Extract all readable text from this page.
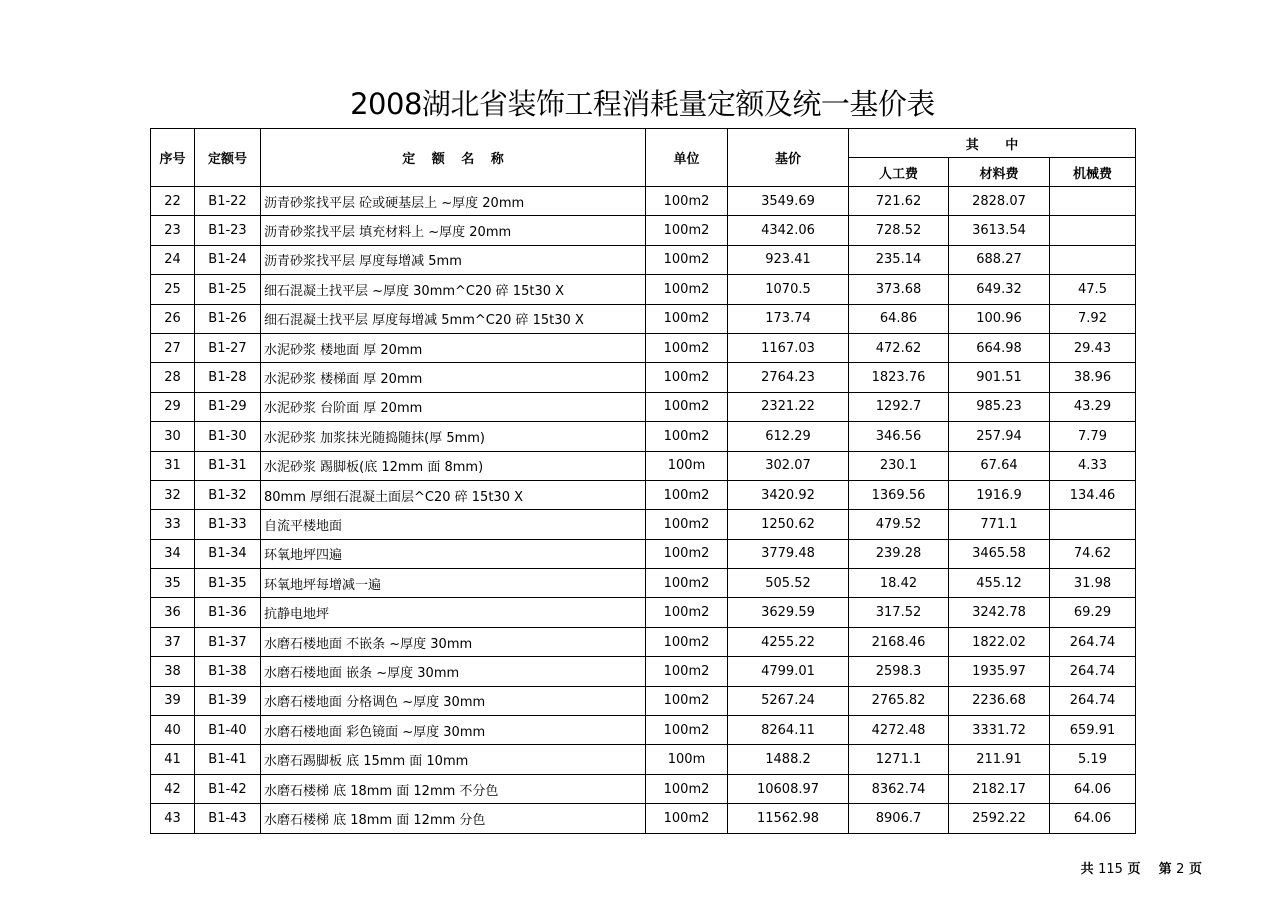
2008湖北省装饰工程消耗量定额及统一基价表
序号	定额号	定 额 名 称	单位	基价	其 中		
					人工费	材料费	机械费
22	B1-22	沥青砂浆找平层 砼或硬基层上 ~厚度 20mm	100m2	3549.69	721.62	2828.07	
23	B1-23	沥青砂浆找平层 填充材料上 ~厚度 20mm	100m2	4342.06	728.52	3613.54	
24	B1-24	沥青砂浆找平层 厚度每增减 5mm	100m2	923.41	235.14	688.27	
25	B1-25	细石混凝土找平层 ~厚度 30mm^C20 碎 15t30 X	100m2	1070.5	373.68	649.32	47.5
26	B1-26	细石混凝土找平层 厚度每增减 5mm^C20 碎 15t30 X	100m2	173.74	64.86	100.96	7.92
27	B1-27	水泥砂浆 楼地面 厚 20mm	100m2	1167.03	472.62	664.98	29.43
28	B1-28	水泥砂浆 楼梯面 厚 20mm	100m2	2764.23	1823.76	901.51	38.96
29	B1-29	水泥砂浆 台阶面 厚 20mm	100m2	2321.22	1292.7	985.23	43.29
30	B1-30	水泥砂浆 加浆抹光随捣随抹(厚 5mm)	100m2	612.29	346.56	257.94	7.79
31	B1-31	水泥砂浆 踢脚板(底 12mm 面 8mm)	100m	302.07	230.1	67.64	4.33
32	B1-32	80mm 厚细石混凝土面层^C20 碎 15t30 X	100m2	3420.92	1369.56	1916.9	134.46
33	B1-33	自流平楼地面	100m2	1250.62	479.52	771.1	
34	B1-34	环氧地坪四遍	100m2	3779.48	239.28	3465.58	74.62
35	B1-35	环氧地坪每增减一遍	100m2	505.52	18.42	455.12	31.98
36	B1-36	抗静电地坪	100m2	3629.59	317.52	3242.78	69.29
37	B1-37	水磨石楼地面 不嵌条 ~厚度 30mm	100m2	4255.22	2168.46	1822.02	264.74
38	B1-38	水磨石楼地面 嵌条 ~厚度 30mm	100m2	4799.01	2598.3	1935.97	264.74
39	B1-39	水磨石楼地面 分格调色 ~厚度 30mm	100m2	5267.24	2765.82	2236.68	264.74
40	B1-40	水磨石楼地面 彩色镜面 ~厚度 30mm	100m2	8264.11	4272.48	3331.72	659.91
41	B1-41	水磨石踢脚板 底 15mm 面 10mm	100m	1488.2	1271.1	211.91	5.19
42	B1-42	水磨石楼梯 底 18mm 面 12mm 不分色	100m2	10608.97	8362.74	2182.17	64.06
43	B1-43	水磨石楼梯 底 18mm 面 12mm 分色	100m2	11562.98	8906.7	2592.22	64.06
共 115 页 第 2 页
